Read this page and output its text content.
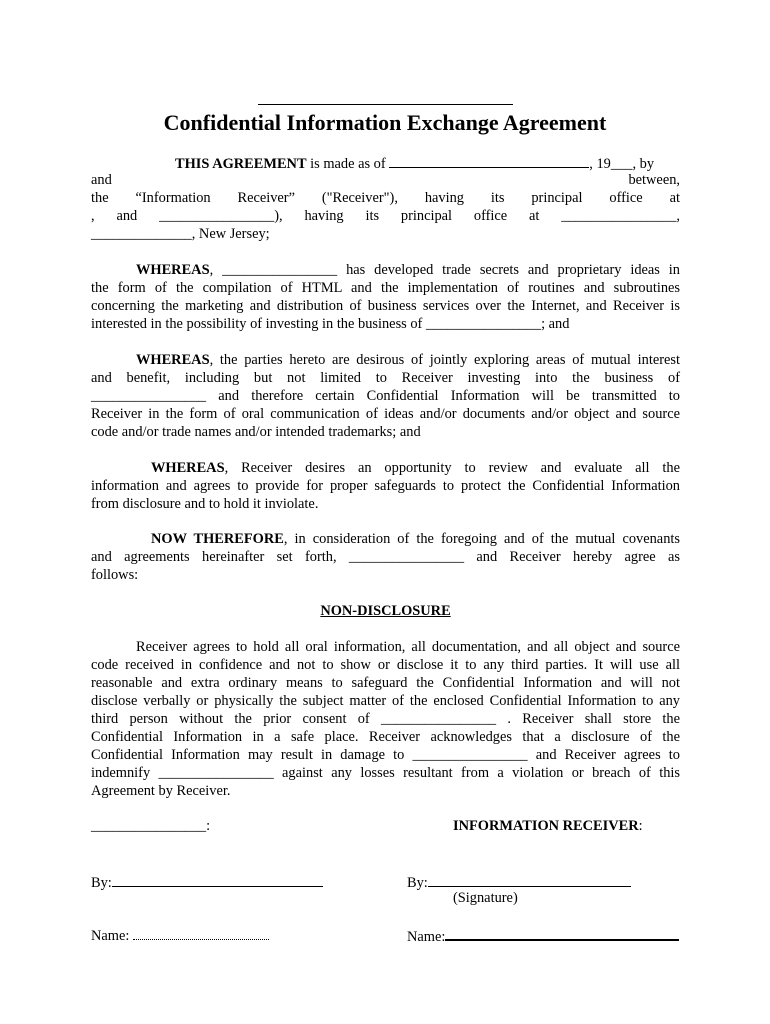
Confidential Information Exchange Agreement
THIS AGREEMENT is made as of	, 19___, by
and	between,
the “Information Receiver” ("Receiver"), having its principal office at
, and ________________), having its principal office at ________________,
______________, New Jersey;
WHEREAS, ________________ has developed trade secrets and proprietary ideas in
the form of the compilation of HTML and the implementation of routines and subroutines
concerning the marketing and distribution of business services over the Internet, and Receiver is
interested in the possibility of investing in the business of ________________; and
WHEREAS, the parties hereto are desirous of jointly exploring areas of mutual interest
and benefit, including but not limited to Receiver investing into the business of
________________ and therefore certain Confidential Information will be transmitted to
Receiver in the form of oral communication of ideas and/or documents and/or object and source
code and/or trade names and/or intended trademarks; and
WHEREAS, Receiver desires an opportunity to review and evaluate all the
information and agrees to provide for proper safeguards to protect the Confidential Information
from disclosure and to hold it inviolate.
NOW THEREFORE, in consideration of the foregoing and of the mutual covenants
and agreements hereinafter set forth, ________________ and Receiver hereby agree as
follows:
NON-DISCLOSURE
Receiver agrees to hold all oral information, all documentation, and all object and source
code received in confidence and not to show or disclose it to any third parties. It will use all
reasonable and extra ordinary means to safeguard the Confidential Information and will not
disclose verbally or physically the subject matter of the enclosed Confidential Information to any
third person without the prior consent of ________________ . Receiver shall store the
Confidential Information in a safe place. Receiver acknowledges that a disclosure of the
Confidential Information may result in damage to ________________ and Receiver agrees to
indemnify ________________ against any losses resultant from a violation or breach of this
Agreement by Receiver.
________________:	INFORMATION RECEIVER:
By:	By:
(Signature)
Name:	Name:
